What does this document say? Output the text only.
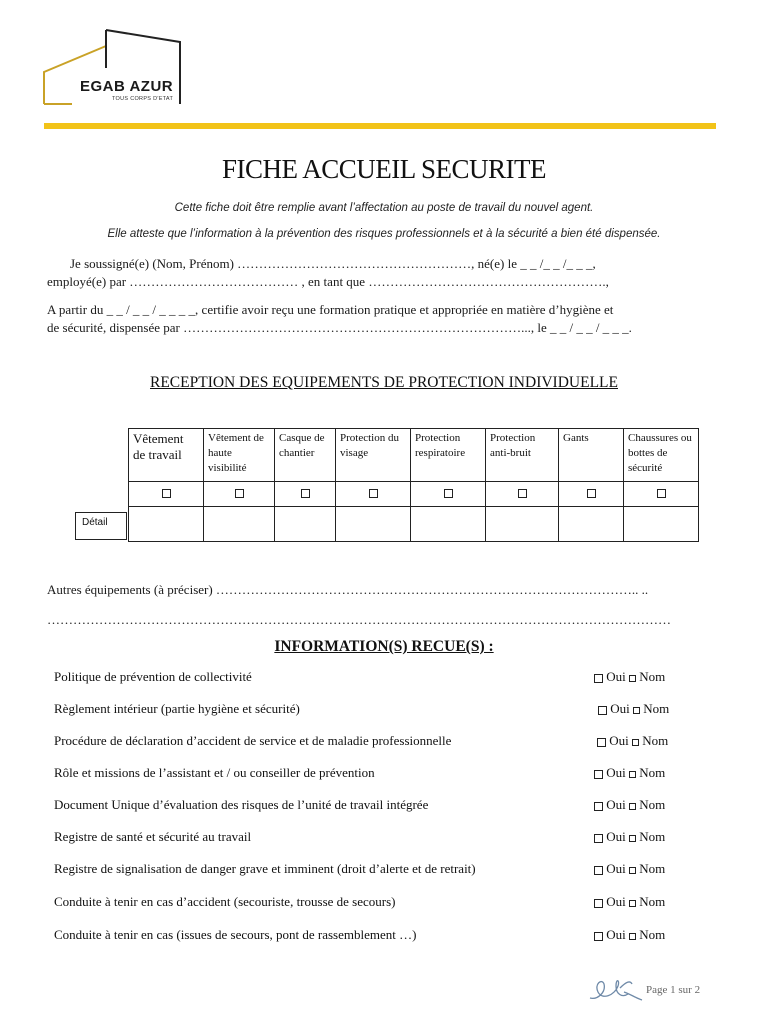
EGAB AZUR
TOUS CORPS D'ETAT
FICHE ACCUEIL SECURITE
Cette fiche doit être remplie avant l’affectation au poste de travail du nouvel agent.
Elle atteste que l’information à la prévention des risques professionnels et à la sécurité a bien été dispensée.
Je soussigné(e) (Nom, Prénom) ………………………………………………, né(e) le _ _ /_ _ /_ _ _,
employé(e) par ………………………………… , en tant que ……………………………………………….,
A partir du _ _ / _ _ / _ _ _ _, certifie avoir reçu une formation pratique et appropriée en matière d’hygiène et
de sécurité, dispensée par ……………………………………………………………………..., le _ _ / _ _ / _ _ _.
RECEPTION DES EQUIPEMENTS DE PROTECTION INDIVIDUELLE
Vêtement de travail	Vêtement de haute visibilité	Casque de chantier	Protection du visage	Protection respiratoire	Protection anti-bruit	Gants	Chaussures ou bottes de sécurité

Détail
Autres équipements (à préciser) …………………………………………………………………………………….. ..
………………………………………………………………………………………………………………………………
INFORMATION(S) RECUE(S) :
Politique de prévention de collectivité	Oui Nom
Règlement intérieur (partie hygiène et sécurité)	Oui Nom
Procédure de déclaration d’accident de service et de maladie professionnelle	Oui Nom
Rôle et missions de l’assistant et / ou conseiller de prévention	Oui Nom
Document Unique d’évaluation des risques de l’unité de travail intégrée	Oui Nom
Registre de santé et sécurité au travail	Oui Nom
Registre de signalisation de danger grave et imminent (droit d’alerte et de retrait)	Oui Nom
Conduite à tenir en cas d’accident (secouriste, trousse de secours)	Oui Nom
Conduite à tenir en cas (issues de secours, pont de rassemblement …)	Oui Nom
Page 1 sur 2
